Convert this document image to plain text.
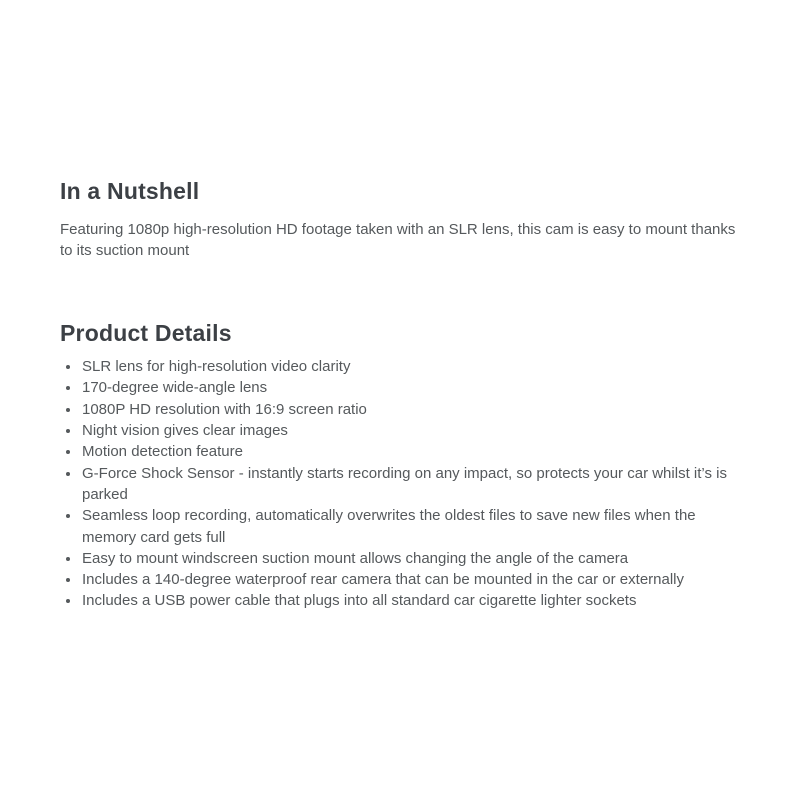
In a Nutshell

Featuring 1080p high-resolution HD footage taken with an SLR lens, this cam is easy to mount thanks to its suction mount

Product Details
• SLR lens for high-resolution video clarity
• 170-degree wide-angle lens
• 1080P HD resolution with 16:9 screen ratio
• Night vision gives clear images
• Motion detection feature
• G-Force Shock Sensor - instantly starts recording on any impact, so protects your car whilst it’s is parked
• Seamless loop recording, automatically overwrites the oldest files to save new files when the memory card gets full
• Easy to mount windscreen suction mount allows changing the angle of the camera
• Includes a 140-degree waterproof rear camera that can be mounted in the car or externally
• Includes a USB power cable that plugs into all standard car cigarette lighter sockets
